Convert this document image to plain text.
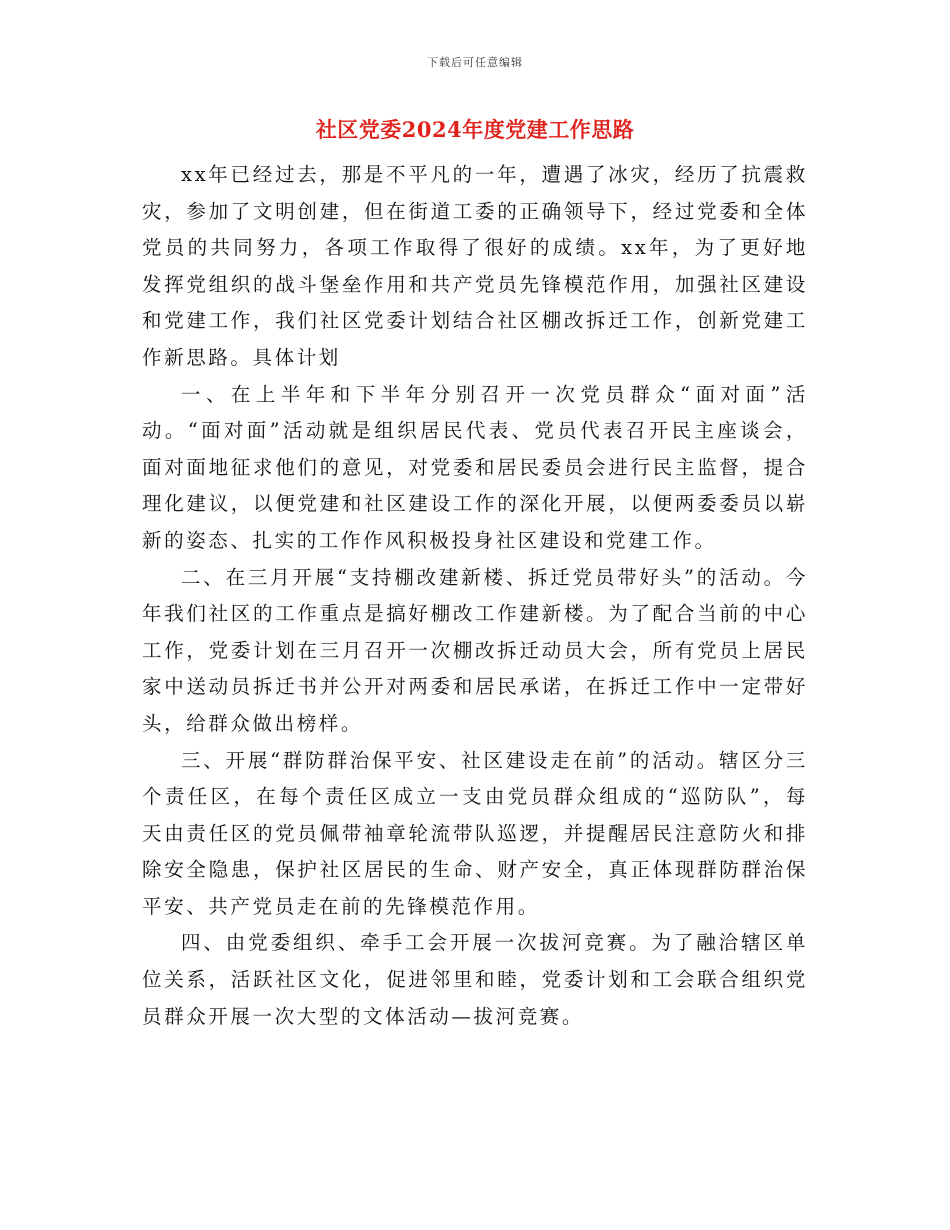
下载后可任意编辑
社区党委2024年度党建工作思路

xx年已经过去，那是不平凡的一年，遭遇了冰灾，经历了抗震救灾，参加了文明创建，但在街道工委的正确领导下，经过党委和全体党员的共同努力，各项工作取得了很好的成绩。xx年，为了更好地发挥党组织的战斗堡垒作用和共产党员先锋模范作用，加强社区建设和党建工作，我们社区党委计划结合社区棚改拆迁工作，创新党建工作新思路。具体计划

一、在上半年和下半年分别召开一次党员群众“面对面”活动。“面对面”活动就是组织居民代表、党员代表召开民主座谈会，面对面地征求他们的意见，对党委和居民委员会进行民主监督，提合理化建议，以便党建和社区建设工作的深化开展，以便两委委员以崭新的姿态、扎实的工作作风积极投身社区建设和党建工作。

二、在三月开展“支持棚改建新楼、拆迁党员带好头”的活动。今年我们社区的工作重点是搞好棚改工作建新楼。为了配合当前的中心工作，党委计划在三月召开一次棚改拆迁动员大会，所有党员上居民家中送动员拆迁书并公开对两委和居民承诺，在拆迁工作中一定带好头，给群众做出榜样。

三、开展“群防群治保平安、社区建设走在前”的活动。辖区分三个责任区，在每个责任区成立一支由党员群众组成的“巡防队”，每天由责任区的党员佩带袖章轮流带队巡逻，并提醒居民注意防火和排除安全隐患，保护社区居民的生命、财产安全，真正体现群防群治保平安、共产党员走在前的先锋模范作用。

四、由党委组织、牵手工会开展一次拔河竞赛。为了融洽辖区单位关系，活跃社区文化，促进邻里和睦，党委计划和工会联合组织党员群众开展一次大型的文体活动—拔河竞赛。
